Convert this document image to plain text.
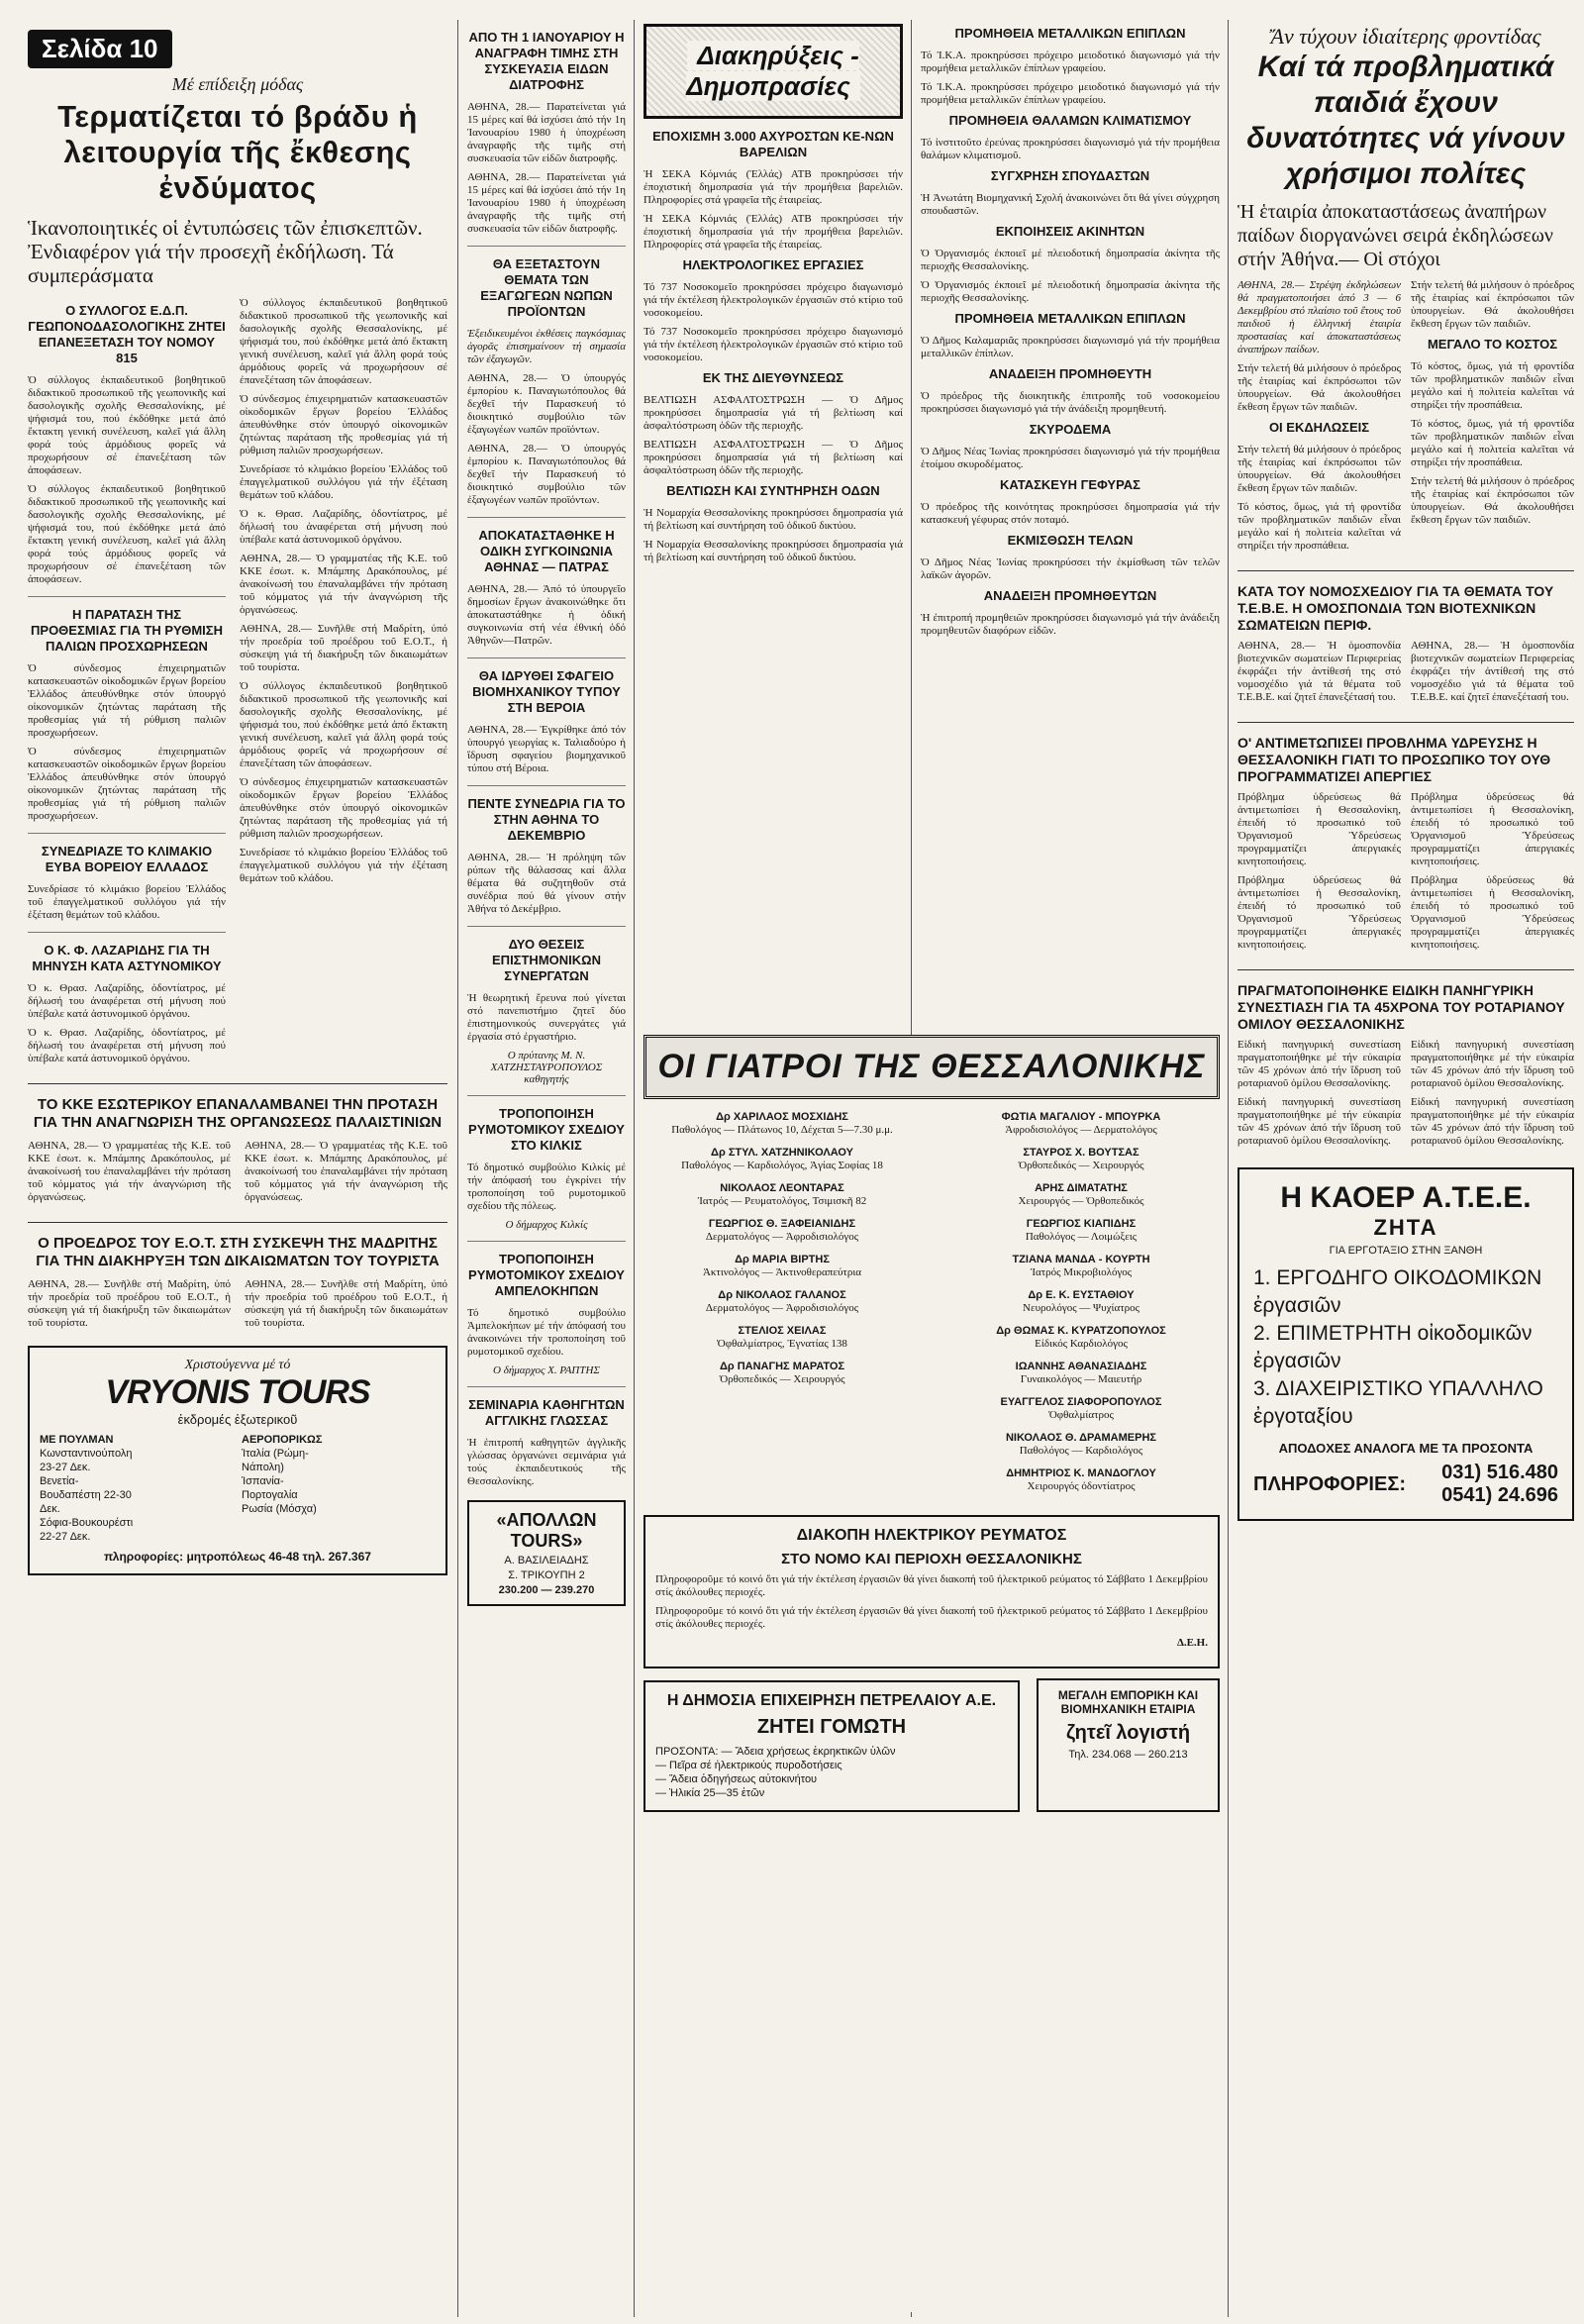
Σελίδα 10
Μέ επίδειξη μόδας
Τερματίζεται τό βράδυ ἡ λειτουργία τῆς ἔκθεσης ἐνδύματος
Ἱκανοποιητικές οἱ ἐντυπώσεις τῶν ἐπισκεπτῶν. Ἐνδιαφέρον γιά τήν προσεχῆ ἐκδήλωση. Τά συμπεράσματα
Ο ΣΥΛΛΟΓΟΣ Ε.Δ.Π. ΓΕΩΠΟΝΟΔΑΣΟΛΟΓΙΚΗΣ ΖΗΤΕΙ ΕΠΑΝΕΞΕΤΑΣΗ ΤΟΥ ΝΟΜΟΥ 815

Ὁ σύλλογος ἐκπαιδευτικοῦ βοηθητικοῦ διδακτικοῦ προσωπικοῦ τῆς γεωπονικῆς καί δασολογικῆς σχολῆς Θεσσαλονίκης, μέ ψήφισμά του, πού ἐκδόθηκε μετά ἀπό ἔκτακτη γενική συνέλευση, καλεῖ γιά ἄλλη φορά τούς ἁρμόδιους φορεῖς νά προχωρήσουν σέ ἐπανεξέταση τῶν ἀποφάσεων.

Ὁ σύλλογος ἐκπαιδευτικοῦ βοηθητικοῦ διδακτικοῦ προσωπικοῦ τῆς γεωπονικῆς καί δασολογικῆς σχολῆς Θεσσαλονίκης, μέ ψήφισμά του, πού ἐκδόθηκε μετά ἀπό ἔκτακτη γενική συνέλευση, καλεῖ γιά ἄλλη φορά τούς ἁρμόδιους φορεῖς νά προχωρήσουν σέ ἐπανεξέταση τῶν ἀποφάσεων.

Η ΠΑΡΑΤΑΣΗ ΤΗΣ ΠΡΟΘΕΣΜΙΑΣ ΓΙΑ ΤΗ ΡΥΘΜΙΣΗ ΠΑΛΙΩΝ ΠΡΟΣΧΩΡΗΣΕΩΝ

Ὁ σύνδεσμος ἐπιχειρηματιῶν κατασκευαστῶν οἰκοδομικῶν ἔργων βορείου Ἑλλάδος ἀπευθύνθηκε στόν ὑπουργό οἰκονομικῶν ζητώντας παράταση τῆς προθεσμίας γιά τή ρύθμιση παλιῶν προσχωρήσεων.

Ὁ σύνδεσμος ἐπιχειρηματιῶν κατασκευαστῶν οἰκοδομικῶν ἔργων βορείου Ἑλλάδος ἀπευθύνθηκε στόν ὑπουργό οἰκονομικῶν ζητώντας παράταση τῆς προθεσμίας γιά τή ρύθμιση παλιῶν προσχωρήσεων.

ΣΥΝΕΔΡΙΑΖΕ ΤΟ ΚΛΙΜΑΚΙΟ ΕΥΒΑ ΒΟΡΕΙΟΥ ΕΛΛΑΔΟΣ

Συνεδρίασε τό κλιμάκιο βορείου Ἑλλάδος τοῦ ἐπαγγελματικοῦ συλλόγου γιά τήν ἐξέταση θεμάτων τοῦ κλάδου.

Ο Κ. Φ. ΛΑΖΑΡΙΔΗΣ ΓΙΑ ΤΗ ΜΗΝΥΣΗ ΚΑΤΑ ΑΣΤΥΝΟΜΙΚΟΥ

Ὁ κ. Θρασ. Λαζαρίδης, ὀδοντίατρος, μέ δήλωσή του ἀναφέρεται στή μήνυση πού ὑπέβαλε κατά ἀστυνομικοῦ ὀργάνου.

Ὁ κ. Θρασ. Λαζαρίδης, ὀδοντίατρος, μέ δήλωσή του ἀναφέρεται στή μήνυση πού ὑπέβαλε κατά ἀστυνομικοῦ ὀργάνου.

Ὁ σύλλογος ἐκπαιδευτικοῦ βοηθητικοῦ διδακτικοῦ προσωπικοῦ τῆς γεωπονικῆς καί δασολογικῆς σχολῆς Θεσσαλονίκης, μέ ψήφισμά του, πού ἐκδόθηκε μετά ἀπό ἔκτακτη γενική συνέλευση, καλεῖ γιά ἄλλη φορά τούς ἁρμόδιους φορεῖς νά προχωρήσουν σέ ἐπανεξέταση τῶν ἀποφάσεων.

Ὁ σύνδεσμος ἐπιχειρηματιῶν κατασκευαστῶν οἰκοδομικῶν ἔργων βορείου Ἑλλάδος ἀπευθύνθηκε στόν ὑπουργό οἰκονομικῶν ζητώντας παράταση τῆς προθεσμίας γιά τή ρύθμιση παλιῶν προσχωρήσεων.

Συνεδρίασε τό κλιμάκιο βορείου Ἑλλάδος τοῦ ἐπαγγελματικοῦ συλλόγου γιά τήν ἐξέταση θεμάτων τοῦ κλάδου.

Ὁ κ. Θρασ. Λαζαρίδης, ὀδοντίατρος, μέ δήλωσή του ἀναφέρεται στή μήνυση πού ὑπέβαλε κατά ἀστυνομικοῦ ὀργάνου.

ΑΘΗΝΑ, 28.— Ὁ γραμματέας τῆς Κ.Ε. τοῦ ΚΚΕ ἐσωτ. κ. Μπάμπης Δρακόπουλος, μέ ἀνακοίνωσή του ἐπαναλαμβάνει τήν πρόταση τοῦ κόμματος γιά τήν ἀναγνώριση τῆς ὀργανώσεως.

ΑΘΗΝΑ, 28.— Συνῆλθε στή Μαδρίτη, ὑπό τήν προεδρία τοῦ προέδρου τοῦ Ε.Ο.Τ., ἡ σύσκεψη γιά τή διακήρυξη τῶν δικαιωμάτων τοῦ τουρίστα.

Ὁ σύλλογος ἐκπαιδευτικοῦ βοηθητικοῦ διδακτικοῦ προσωπικοῦ τῆς γεωπονικῆς καί δασολογικῆς σχολῆς Θεσσαλονίκης, μέ ψήφισμά του, πού ἐκδόθηκε μετά ἀπό ἔκτακτη γενική συνέλευση, καλεῖ γιά ἄλλη φορά τούς ἁρμόδιους φορεῖς νά προχωρήσουν σέ ἐπανεξέταση τῶν ἀποφάσεων.

Ὁ σύνδεσμος ἐπιχειρηματιῶν κατασκευαστῶν οἰκοδομικῶν ἔργων βορείου Ἑλλάδος ἀπευθύνθηκε στόν ὑπουργό οἰκονομικῶν ζητώντας παράταση τῆς προθεσμίας γιά τή ρύθμιση παλιῶν προσχωρήσεων.

Συνεδρίασε τό κλιμάκιο βορείου Ἑλλάδος τοῦ ἐπαγγελματικοῦ συλλόγου γιά τήν ἐξέταση θεμάτων τοῦ κλάδου.

ΤΟ ΚΚΕ ΕΣΩΤΕΡΙΚΟΥ ΕΠΑΝΑΛΑΜΒΑΝΕΙ ΤΗΝ ΠΡΟΤΑΣΗ ΓΙΑ ΤΗΝ ΑΝΑΓΝΩΡΙΣΗ ΤΗΣ ΟΡΓΑΝΩΣΕΩΣ ΠΑΛΑΙΣΤΙΝΙΩΝ

ΑΘΗΝΑ, 28.— Ὁ γραμματέας τῆς Κ.Ε. τοῦ ΚΚΕ ἐσωτ. κ. Μπάμπης Δρακόπουλος, μέ ἀνακοίνωσή του ἐπαναλαμβάνει τήν πρόταση τοῦ κόμματος γιά τήν ἀναγνώριση τῆς ὀργανώσεως.

ΑΘΗΝΑ, 28.— Ὁ γραμματέας τῆς Κ.Ε. τοῦ ΚΚΕ ἐσωτ. κ. Μπάμπης Δρακόπουλος, μέ ἀνακοίνωσή του ἐπαναλαμβάνει τήν πρόταση τοῦ κόμματος γιά τήν ἀναγνώριση τῆς ὀργανώσεως.

Ο ΠΡΟΕΔΡΟΣ ΤΟΥ Ε.Ο.Τ. ΣΤΗ ΣΥΣΚΕΨΗ ΤΗΣ ΜΑΔΡΙΤΗΣ ΓΙΑ ΤΗΝ ΔΙΑΚΗΡΥΞΗ ΤΩΝ ΔΙΚΑΙΩΜΑΤΩΝ ΤΟΥ ΤΟΥΡΙΣΤΑ

ΑΘΗΝΑ, 28.— Συνῆλθε στή Μαδρίτη, ὑπό τήν προεδρία τοῦ προέδρου τοῦ Ε.Ο.Τ., ἡ σύσκεψη γιά τή διακήρυξη τῶν δικαιωμάτων τοῦ τουρίστα.

ΑΘΗΝΑ, 28.— Συνῆλθε στή Μαδρίτη, ὑπό τήν προεδρία τοῦ προέδρου τοῦ Ε.Ο.Τ., ἡ σύσκεψη γιά τή διακήρυξη τῶν δικαιωμάτων τοῦ τουρίστα.

Χριστούγεννα μέ τό
VRYONIS TOURS
ἐκδρομές ἐξωτερικοῦ
ΜΕ ΠΟΥΛΜΑΝ
Κωνσταντινούπολη 23-27 Δεκ.
Βενετία-Βουδαπέστη 22-30 Δεκ.
Σόφια-Βουκουρέστι 22-27 Δεκ.
ΑΕΡΟΠΟΡΙΚΩΣ
Ἰταλία (Ρώμη-Νάπολη)
Ἰσπανία-Πορτογαλία
Ρωσία (Μόσχα)
πληροφορίες: μητροπόλεως 46-48 τηλ. 267.367
ΑΠΟ ΤΗ 1 ΙΑΝΟΥΑΡΙΟΥ Η ΑΝΑΓΡΑΦΗ ΤΙΜΗΣ ΣΤΗ ΣΥΣΚΕΥΑΣΙΑ ΕΙΔΩΝ ΔΙΑΤΡΟΦΗΣ

ΑΘΗΝΑ, 28.— Παρατείνεται γιά 15 μέρες καί θά ἰσχύσει ἀπό τήν 1η Ἰανουαρίου 1980 ἡ ὑποχρέωση ἀναγραφῆς τῆς τιμῆς στή συσκευασία τῶν εἰδῶν διατροφῆς.

ΑΘΗΝΑ, 28.— Παρατείνεται γιά 15 μέρες καί θά ἰσχύσει ἀπό τήν 1η Ἰανουαρίου 1980 ἡ ὑποχρέωση ἀναγραφῆς τῆς τιμῆς στή συσκευασία τῶν εἰδῶν διατροφῆς.

ΘΑ ΕΞΕΤΑΣΤΟΥΝ ΘΕΜΑΤΑ ΤΩΝ ΕΞΑΓΩΓΕΩΝ ΝΩΠΩΝ ΠΡΟΪΟΝΤΩΝ

Ἐξειδικευμένοι ἐκθέσεις παγκόσμιας ἀγορᾶς ἐπισημαίνουν τή σημασία τῶν ἐξαγωγῶν.

ΑΘΗΝΑ, 28.— Ὁ ὑπουργός ἐμπορίου κ. Παναγιωτόπουλος θά δεχθεῖ τήν Παρασκευή τό διοικητικό συμβούλιο τῶν ἐξαγωγέων νωπῶν προϊόντων.

ΑΘΗΝΑ, 28.— Ὁ ὑπουργός ἐμπορίου κ. Παναγιωτόπουλος θά δεχθεῖ τήν Παρασκευή τό διοικητικό συμβούλιο τῶν ἐξαγωγέων νωπῶν προϊόντων.

ΑΠΟΚΑΤΑΣΤΑΘΗΚΕ Η ΟΔΙΚΗ ΣΥΓΚΟΙΝΩΝΙΑ ΑΘΗΝΑΣ — ΠΑΤΡΑΣ

ΑΘΗΝΑ, 28.— Ἀπό τό ὑπουργεῖο δημοσίων ἔργων ἀνακοινώθηκε ὅτι ἀποκαταστάθηκε ἡ ὁδική συγκοινωνία στή νέα ἐθνική ὁδό Ἀθηνῶν—Πατρῶν.

ΘΑ ΙΔΡΥΘΕΙ ΣΦΑΓΕΙΟ ΒΙΟΜΗΧΑΝΙΚΟΥ ΤΥΠΟΥ ΣΤΗ ΒΕΡΟΙΑ

ΑΘΗΝΑ, 28.— Ἐγκρίθηκε ἀπό τόν ὑπουργό γεωργίας κ. Ταλιαδούρο ἡ ἵδρυση σφαγείου βιομηχανικοῦ τύπου στή Βέροια.

ΠΕΝΤΕ ΣΥΝΕΔΡΙΑ ΓΙΑ ΤΟ ΣΤΗΝ ΑΘΗΝΑ ΤΟ ΔΕΚΕΜΒΡΙΟ

ΑΘΗΝΑ, 28.— Ἡ πρόληψη τῶν ρύπων τῆς θάλασσας καί ἄλλα θέματα θά συζητηθοῦν στά συνέδρια πού θά γίνουν στήν Ἀθήνα τό Δεκέμβριο.

ΔΥΟ ΘΕΣΕΙΣ ΕΠΙΣΤΗΜΟΝΙΚΩΝ ΣΥΝΕΡΓΑΤΩΝ

Ἡ θεωρητική ἔρευνα πού γίνεται στό πανεπιστήμιο ζητεῖ δύο ἐπιστημονικούς συνεργάτες γιά ἐργασία στό ἐργαστήριο.

Ο πρύτανης Μ. Ν. ΧΑΤΖΗΣΤΑΥΡΟΠΟΥΛΟΣ καθηγητής
ΤΡΟΠΟΠΟΙΗΣΗ ΡΥΜΟΤΟΜΙΚΟΥ ΣΧΕΔΙΟΥ ΣΤΟ ΚΙΛΚΙΣ

Τό δημοτικό συμβούλιο Κιλκίς μέ τήν ἀπόφασή του ἐγκρίνει τήν τροποποίηση τοῦ ρυμοτομικοῦ σχεδίου τῆς πόλεως.

Ο δήμαρχος Κιλκίς
ΤΡΟΠΟΠΟΙΗΣΗ ΡΥΜΟΤΟΜΙΚΟΥ ΣΧΕΔΙΟΥ ΑΜΠΕΛΟΚΗΠΩΝ

Τό δημοτικό συμβούλιο Ἀμπελοκήπων μέ τήν ἀπόφασή του ἀνακοινώνει τήν τροποποίηση τοῦ ρυμοτομικοῦ σχεδίου.

Ο δήμαρχος Χ. ΡΑΠΤΗΣ
ΣΕΜΙΝΑΡΙΑ ΚΑΘΗΓΗΤΩΝ ΑΓΓΛΙΚΗΣ ΓΛΩΣΣΑΣ

Ἡ ἐπιτροπή καθηγητῶν ἀγγλικῆς γλώσσας ὀργανώνει σεμινάρια γιά τούς ἐκπαιδευτικούς τῆς Θεσσαλονίκης.

«ΑΠΟΛΛΩΝ TOURS»
Α. ΒΑΣΙΛΕΙΑΔΗΣ
Σ. ΤΡΙΚΟΥΠΗ 2
230.200 — 239.270
Διακηρύξεις - Δημοπρασίες
ΕΠΟΧΙΣΜΗ 3.000 ΑΧΥΡΟΣΤΩΝ ΚΕ-ΝΩΝ ΒΑΡΕΛΙΩΝ

Ἡ ΣΕΚΑ Κόμνιάς (Ἑλλάς) ΑΤΒ προκηρύσσει τήν ἐποχιστική δημοπρασία γιά τήν προμήθεια βαρελιῶν. Πληροφορίες στά γραφεῖα τῆς ἑταιρείας.

Ἡ ΣΕΚΑ Κόμνιάς (Ἑλλάς) ΑΤΒ προκηρύσσει τήν ἐποχιστική δημοπρασία γιά τήν προμήθεια βαρελιῶν. Πληροφορίες στά γραφεῖα τῆς ἑταιρείας.

ΗΛΕΚΤΡΟΛΟΓΙΚΕΣ ΕΡΓΑΣΙΕΣ

Τό 737 Νοσοκομεῖο προκηρύσσει πρόχειρο διαγωνισμό γιά τήν ἐκτέλεση ἠλεκτρολογικῶν ἐργασιῶν στό κτίριο τοῦ νοσοκομείου.

Τό 737 Νοσοκομεῖο προκηρύσσει πρόχειρο διαγωνισμό γιά τήν ἐκτέλεση ἠλεκτρολογικῶν ἐργασιῶν στό κτίριο τοῦ νοσοκομείου.

ΕΚ ΤΗΣ ΔΙΕΥΘΥΝΣΕΩΣ

ΒΕΛΤΙΩΣΗ ΑΣΦΑΛΤΟΣΤΡΩΣΗ — Ὁ Δῆμος προκηρύσσει δημοπρασία γιά τή βελτίωση καί ἀσφαλτόστρωση ὁδῶν τῆς περιοχῆς.

ΒΕΛΤΙΩΣΗ ΑΣΦΑΛΤΟΣΤΡΩΣΗ — Ὁ Δῆμος προκηρύσσει δημοπρασία γιά τή βελτίωση καί ἀσφαλτόστρωση ὁδῶν τῆς περιοχῆς.

ΒΕΛΤΙΩΣΗ ΚΑΙ ΣΥΝΤΗΡΗΣΗ ΟΔΩΝ

Ἡ Νομαρχία Θεσσαλονίκης προκηρύσσει δημοπρασία γιά τή βελτίωση καί συντήρηση τοῦ ὁδικοῦ δικτύου.

Ἡ Νομαρχία Θεσσαλονίκης προκηρύσσει δημοπρασία γιά τή βελτίωση καί συντήρηση τοῦ ὁδικοῦ δικτύου.

ΟΙ ΓΙΑΤΡΟΙ ΤΗΣ ΘΕΣΣΑΛΟΝΙΚΗΣ
Δρ ΧΑΡΙΛΑΟΣ ΜΟΣΧΙΔΗΣ
Παθολόγος — Πλάτωνος 10, Δέχεται 5—7.30 μ.μ.
Δρ ΣΤΥΛ. ΧΑΤΖΗΝΙΚΟΛΑΟΥ
Παθολόγος — Καρδιολόγος, Ἀγίας Σοφίας 18
ΝΙΚΟΛΑΟΣ ΛΕΟΝΤΑΡΑΣ
Ἰατρός — Ρευματολόγος, Τσιμισκῆ 82
ΓΕΩΡΓΙΟΣ Θ. ΞΑΦΕΙΑΝΙΔΗΣ
Δερματολόγος — Ἀφροδισιολόγος
Δρ ΜΑΡΙΑ ΒΙΡΤΗΣ
Ἀκτινολόγος — Ἀκτινοθεραπεύτρια
Δρ ΝΙΚΟΛΑΟΣ ΓΑΛΑΝΟΣ
Δερματολόγος — Ἀφροδισιολόγος
ΣΤΕΛΙΟΣ ΧΕΙΛΑΣ
Ὀφθαλμίατρος, Ἐγνατίας 138
Δρ ΠΑΝΑΓΗΣ ΜΑΡΑΤΟΣ
Ὀρθοπεδικός — Χειρουργός
ΦΩΤΙΑ ΜΑΓΑΛΙΟΥ - ΜΠΟΥΡΚΑ
Ἀφροδισιολόγος — Δερματολόγος
ΣΤΑΥΡΟΣ Χ. ΒΟΥΤΣΑΣ
Ὀρθοπεδικός — Χειρουργός
ΑΡΗΣ ΔΙΜΑΤΑΤΗΣ
Χειρουργός — Ὀρθοπεδικός
ΓΕΩΡΓΙΟΣ ΚΙΑΠΙΔΗΣ
Παθολόγος — Λοιμώξεις
ΤΖΙΑΝΑ ΜΑΝΔΑ - ΚΟΥΡΤΗ
Ἰατρός Μικροβιολόγος
Δρ Ε. Κ. ΕΥΣΤΑΘΙΟΥ
Νευρολόγος — Ψυχίατρος
Δρ ΘΩΜΑΣ Κ. ΚΥΡΑΤΖΟΠΟΥΛΟΣ
Εἰδικός Καρδιολόγος
ΙΩΑΝΝΗΣ ΑΘΑΝΑΣΙΑΔΗΣ
Γυναικολόγος — Μαιευτήρ
ΕΥΑΓΓΕΛΟΣ ΣΙΑΦΟΡΟΠΟΥΛΟΣ
Ὀφθαλμίατρος
ΝΙΚΟΛΑΟΣ Θ. ΔΡΑΜΑΜΕΡΗΣ
Παθολόγος — Καρδιολόγος
ΔΗΜΗΤΡΙΟΣ Κ. ΜΑΝΔΟΓΛΟΥ
Χειρουργός ὀδοντίατρος
ΔΙΑΚΟΠΗ ΗΛΕΚΤΡΙΚΟΥ ΡΕΥΜΑΤΟΣ
ΣΤΟ ΝΟΜΟ ΚΑΙ ΠΕΡΙΟΧΗ ΘΕΣΣΑΛΟΝΙΚΗΣ

Πληροφοροῦμε τό κοινό ὅτι γιά τήν ἐκτέλεση ἐργασιῶν θά γίνει διακοπή τοῦ ἠλεκτρικοῦ ρεύματος τό Σάββατο 1 Δεκεμβρίου στίς ἀκόλουθες περιοχές.

Πληροφοροῦμε τό κοινό ὅτι γιά τήν ἐκτέλεση ἐργασιῶν θά γίνει διακοπή τοῦ ἠλεκτρικοῦ ρεύματος τό Σάββατο 1 Δεκεμβρίου στίς ἀκόλουθες περιοχές.

Δ.Ε.Η.
Η ΔΗΜΟΣΙΑ ΕΠΙΧΕΙΡΗΣΗ ΠΕΤΡΕΛΑΙΟΥ Α.Ε.
ΖΗΤΕΙ ΓΟΜΩΤΗ
ΠΡΟΣΟΝΤΑ: — Ἄδεια χρήσεως ἐκρηκτικῶν ὑλῶν
— Πεῖρα σέ ἠλεκτρικούς πυροδοτήσεις
— Ἄδεια ὁδηγήσεως αὐτοκινήτου
— Ἡλικία 25—35 ἐτῶν
ΜΕΓΑΛΗ ΕΜΠΟΡΙΚΗ ΚΑΙ ΒΙΟΜΗΧΑΝΙΚΗ ΕΤΑΙΡΙΑ
ζητεῖ λογιστή
Τηλ. 234.068 — 260.213
ΠΡΟΜΗΘΕΙΑ ΜΕΤΑΛΛΙΚΩΝ ΕΠΙΠΛΩΝ

Τό Ἰ.Κ.Α. προκηρύσσει πρόχειρο μειοδοτικό διαγωνισμό γιά τήν προμήθεια μεταλλικῶν ἐπίπλων γραφείου.

Τό Ἰ.Κ.Α. προκηρύσσει πρόχειρο μειοδοτικό διαγωνισμό γιά τήν προμήθεια μεταλλικῶν ἐπίπλων γραφείου.

ΠΡΟΜΗΘΕΙΑ ΘΑΛΑΜΩΝ ΚΛΙΜΑΤΙΣΜΟΥ

Τό ἰνστιτοῦτο ἐρεύνας προκηρύσσει διαγωνισμό γιά τήν προμήθεια θαλάμων κλιματισμοῦ.

ΣΥΓΧΡΗΣΗ ΣΠΟΥΔΑΣΤΩΝ

Ἡ Ἀνωτάτη Βιομηχανική Σχολή ἀνακοινώνει ὅτι θά γίνει σύγχρηση σπουδαστῶν.

ΕΚΠΟΙΗΣΕΙΣ ΑΚΙΝΗΤΩΝ

Ὁ Ὀργανισμός ἐκποιεῖ μέ πλειοδοτική δημοπρασία ἀκίνητα τῆς περιοχῆς Θεσσαλονίκης.

Ὁ Ὀργανισμός ἐκποιεῖ μέ πλειοδοτική δημοπρασία ἀκίνητα τῆς περιοχῆς Θεσσαλονίκης.

ΠΡΟΜΗΘΕΙΑ ΜΕΤΑΛΛΙΚΩΝ ΕΠΙΠΛΩΝ

Ὁ Δῆμος Καλαμαριᾶς προκηρύσσει διαγωνισμό γιά τήν προμήθεια μεταλλικῶν ἐπίπλων.

ΑΝΑΔΕΙΞΗ ΠΡΟΜΗΘΕΥΤΗ

Ὁ πρόεδρος τῆς διοικητικῆς ἐπιτροπῆς τοῦ νοσοκομείου προκηρύσσει διαγωνισμό γιά τήν ἀνάδειξη προμηθευτή.

ΣΚΥΡΟΔΕΜΑ

Ὁ Δῆμος Νέας Ἰωνίας προκηρύσσει διαγωνισμό γιά τήν προμήθεια ἑτοίμου σκυροδέματος.

ΚΑΤΑΣΚΕΥΗ ΓΕΦΥΡΑΣ

Ὁ πρόεδρος τῆς κοινότητας προκηρύσσει δημοπρασία γιά τήν κατασκευή γέφυρας στόν ποταμό.

ΕΚΜΙΣΘΩΣΗ ΤΕΛΩΝ

Ὁ Δῆμος Νέας Ἰωνίας προκηρύσσει τήν ἐκμίσθωση τῶν τελῶν λαϊκῶν ἀγορῶν.

ΑΝΑΔΕΙΞΗ ΠΡΟΜΗΘΕΥΤΩΝ

Ἡ ἐπιτροπή προμηθειῶν προκηρύσσει διαγωνισμό γιά τήν ἀνάδειξη προμηθευτῶν διαφόρων εἰδῶν.

Ἄν τύχουν ἰδιαίτερης φροντίδας
Καί τά προβληματικά παιδιά ἔχουν δυνατότητες νά γίνουν χρήσιμοι πολίτες
Ἡ ἑταιρία ἀποκαταστάσεως ἀναπήρων παίδων διοργανώνει σειρά ἐκδηλώσεων στήν Ἀθήνα.— Οἱ στόχοι

ΑΘΗΝΑ, 28.— Στρέψη ἐκδηλώσεων θά πραγματοποιήσει ἀπό 3 — 6 Δεκεμβρίου στό πλαίσιο τοῦ ἔτους τοῦ παιδιοῦ ἡ ἑλληνική ἑταιρία προστασίας καί ἀποκαταστάσεως ἀναπήρων παίδων.

Στήν τελετή θά μιλήσουν ὁ πρόεδρος τῆς ἑταιρίας καί ἐκπρόσωποι τῶν ὑπουργείων. Θά ἀκολουθήσει ἔκθεση ἔργων τῶν παιδιῶν.

ΟΙ ΕΚΔΗΛΩΣΕΙΣ

Στήν τελετή θά μιλήσουν ὁ πρόεδρος τῆς ἑταιρίας καί ἐκπρόσωποι τῶν ὑπουργείων. Θά ἀκολουθήσει ἔκθεση ἔργων τῶν παιδιῶν.

Τό κόστος, ὅμως, γιά τή φροντίδα τῶν προβληματικῶν παιδιῶν εἶναι μεγάλο καί ἡ πολιτεία καλεῖται νά στηρίξει τήν προσπάθεια.

Στήν τελετή θά μιλήσουν ὁ πρόεδρος τῆς ἑταιρίας καί ἐκπρόσωποι τῶν ὑπουργείων. Θά ἀκολουθήσει ἔκθεση ἔργων τῶν παιδιῶν.

ΜΕΓΑΛΟ ΤΟ ΚΟΣΤΟΣ

Τό κόστος, ὅμως, γιά τή φροντίδα τῶν προβληματικῶν παιδιῶν εἶναι μεγάλο καί ἡ πολιτεία καλεῖται νά στηρίξει τήν προσπάθεια.

Τό κόστος, ὅμως, γιά τή φροντίδα τῶν προβληματικῶν παιδιῶν εἶναι μεγάλο καί ἡ πολιτεία καλεῖται νά στηρίξει τήν προσπάθεια.

Στήν τελετή θά μιλήσουν ὁ πρόεδρος τῆς ἑταιρίας καί ἐκπρόσωποι τῶν ὑπουργείων. Θά ἀκολουθήσει ἔκθεση ἔργων τῶν παιδιῶν.

ΚΑΤΑ ΤΟΥ ΝΟΜΟΣΧΕΔΙΟΥ ΓΙΑ ΤΑ ΘΕΜΑΤΑ ΤΟΥ Τ.Ε.Β.Ε. Η ΟΜΟΣΠΟΝΔΙΑ ΤΩΝ ΒΙΟΤΕΧΝΙΚΩΝ ΣΩΜΑΤΕΙΩΝ ΠΕΡΙΦ.

ΑΘΗΝΑ, 28.— Ἡ ὁμοσπονδία βιοτεχνικῶν σωματείων Περιφερείας ἐκφράζει τήν ἀντίθεσή της στό νομοσχέδιο γιά τά θέματα τοῦ Τ.Ε.Β.Ε. καί ζητεῖ ἐπανεξέτασή του.

ΑΘΗΝΑ, 28.— Ἡ ὁμοσπονδία βιοτεχνικῶν σωματείων Περιφερείας ἐκφράζει τήν ἀντίθεσή της στό νομοσχέδιο γιά τά θέματα τοῦ Τ.Ε.Β.Ε. καί ζητεῖ ἐπανεξέτασή του.

Ο' ΑΝΤΙΜΕΤΩΠΙΣΕΙ ΠΡΟΒΛΗΜΑ ΥΔΡΕΥΣΗΣ Η ΘΕΣΣΑΛΟΝΙΚΗ ΓΙΑΤΙ ΤΟ ΠΡΟΣΩΠΙΚΟ ΤΟΥ ΟΥΘ ΠΡΟΓΡΑΜΜΑΤΙΖΕΙ ΑΠΕΡΓΙΕΣ

Πρόβλημα ὑδρεύσεως θά ἀντιμετωπίσει ἡ Θεσσαλονίκη, ἐπειδή τό προσωπικό τοῦ Ὀργανισμοῦ Ὑδρεύσεως προγραμματίζει ἀπεργιακές κινητοποιήσεις.

Πρόβλημα ὑδρεύσεως θά ἀντιμετωπίσει ἡ Θεσσαλονίκη, ἐπειδή τό προσωπικό τοῦ Ὀργανισμοῦ Ὑδρεύσεως προγραμματίζει ἀπεργιακές κινητοποιήσεις.

Πρόβλημα ὑδρεύσεως θά ἀντιμετωπίσει ἡ Θεσσαλονίκη, ἐπειδή τό προσωπικό τοῦ Ὀργανισμοῦ Ὑδρεύσεως προγραμματίζει ἀπεργιακές κινητοποιήσεις.

Πρόβλημα ὑδρεύσεως θά ἀντιμετωπίσει ἡ Θεσσαλονίκη, ἐπειδή τό προσωπικό τοῦ Ὀργανισμοῦ Ὑδρεύσεως προγραμματίζει ἀπεργιακές κινητοποιήσεις.

ΠΡΑΓΜΑΤΟΠΟΙΗΘΗΚΕ ΕΙΔΙΚΗ ΠΑΝΗΓΥΡΙΚΗ ΣΥΝΕΣΤΙΑΣΗ ΓΙΑ ΤΑ 45ΧΡΟΝΑ ΤΟΥ ΡΟΤΑΡΙΑΝΟΥ ΟΜΙΛΟΥ ΘΕΣΣΑΛΟΝΙΚΗΣ

Εἰδική πανηγυρική συνεστίαση πραγματοποιήθηκε μέ τήν εὐκαιρία τῶν 45 χρόνων ἀπό τήν ἵδρυση τοῦ ροταριανοῦ ὁμίλου Θεσσαλονίκης.

Εἰδική πανηγυρική συνεστίαση πραγματοποιήθηκε μέ τήν εὐκαιρία τῶν 45 χρόνων ἀπό τήν ἵδρυση τοῦ ροταριανοῦ ὁμίλου Θεσσαλονίκης.

Εἰδική πανηγυρική συνεστίαση πραγματοποιήθηκε μέ τήν εὐκαιρία τῶν 45 χρόνων ἀπό τήν ἵδρυση τοῦ ροταριανοῦ ὁμίλου Θεσσαλονίκης.

Εἰδική πανηγυρική συνεστίαση πραγματοποιήθηκε μέ τήν εὐκαιρία τῶν 45 χρόνων ἀπό τήν ἵδρυση τοῦ ροταριανοῦ ὁμίλου Θεσσαλονίκης.

Η ΚΑΟΕΡ Α.Τ.Ε.Ε.
ΖΗΤΑ
ΓΙΑ ΕΡΓΟΤΑΞΙΟ ΣΤΗΝ ΞΑΝΘΗ
1. ΕΡΓΟΔΗΓΟ ΟΙΚΟΔΟΜΙΚΩΝ ἐργασιῶν
2. ΕΠΙΜΕΤΡΗΤΗ οἰκοδομικῶν ἐργασιῶν
3. ΔΙΑΧΕΙΡΙΣΤΙΚΟ ΥΠΑΛΛΗΛΟ ἐργοταξίου
ΑΠΟΔΟΧΕΣ ΑΝΑΛΟΓΑ ΜΕ ΤΑ ΠΡΟΣΟΝΤΑ
ΠΛΗΡΟΦΟΡΙΕΣ:
031) 516.480
0541) 24.696
